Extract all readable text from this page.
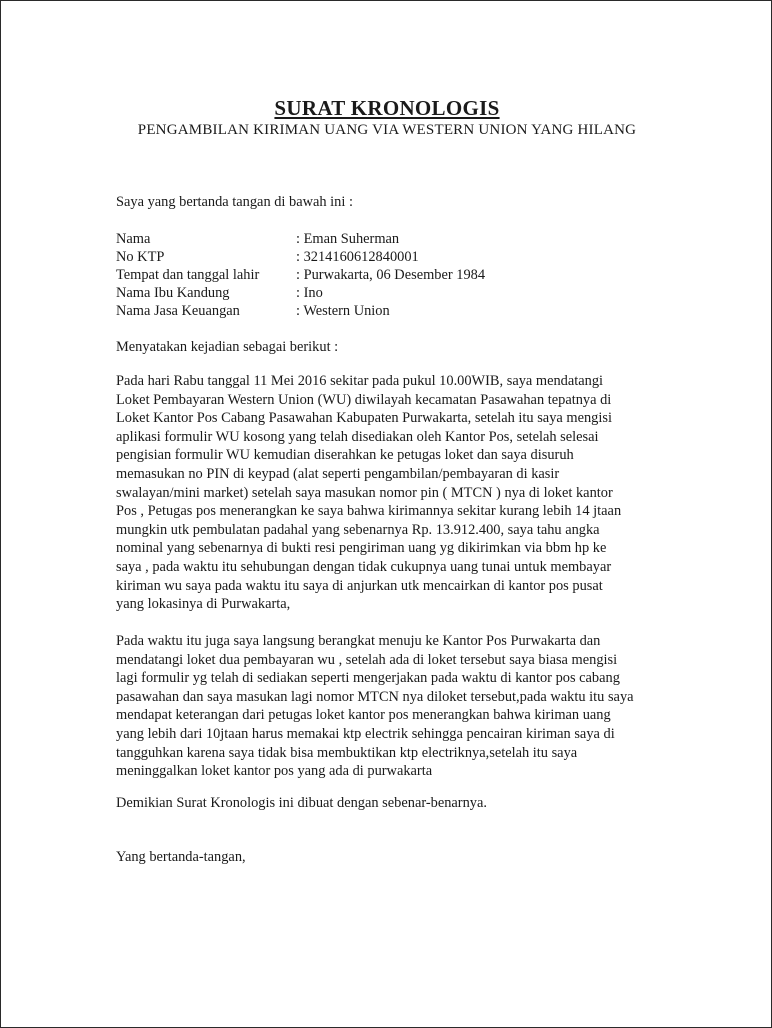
SURAT KRONOLOGIS
PENGAMBILAN KIRIMAN UANG VIA WESTERN UNION YANG HILANG
Saya yang bertanda tangan di bawah ini :
Nama	: Eman Suherman
No KTP	: 3214160612840001
Tempat dan tanggal lahir	: Purwakarta, 06 Desember 1984
Nama Ibu Kandung	: Ino
Nama Jasa Keuangan	: Western Union
Menyatakan kejadian sebagai berikut :
Pada hari Rabu tanggal 11 Mei 2016 sekitar pada pukul 10.00WIB, saya mendatangi
Loket Pembayaran Western Union (WU) diwilayah kecamatan Pasawahan tepatnya di
Loket Kantor Pos Cabang Pasawahan Kabupaten Purwakarta, setelah itu saya mengisi
aplikasi formulir WU kosong yang telah disediakan oleh Kantor Pos, setelah selesai
pengisian formulir WU kemudian diserahkan ke petugas loket dan saya disuruh
memasukan no PIN di keypad (alat seperti pengambilan/pembayaran di kasir
swalayan/mini market) setelah saya masukan nomor pin ( MTCN ) nya di loket kantor
Pos , Petugas pos menerangkan ke saya bahwa kirimannya sekitar kurang lebih 14 jtaan
mungkin utk pembulatan padahal yang sebenarnya Rp. 13.912.400, saya tahu angka
nominal yang sebenarnya di bukti resi pengiriman uang yg dikirimkan via bbm hp ke
saya , pada waktu itu sehubungan dengan tidak cukupnya uang tunai untuk membayar
kiriman wu saya pada waktu itu saya di anjurkan utk mencairkan di kantor pos pusat
yang lokasinya di Purwakarta,
Pada waktu itu juga saya langsung berangkat menuju ke Kantor Pos Purwakarta dan
mendatangi loket dua pembayaran wu , setelah ada di loket tersebut saya biasa mengisi
lagi formulir yg telah di sediakan seperti mengerjakan pada waktu di kantor pos cabang
pasawahan dan saya masukan lagi nomor MTCN nya diloket tersebut,pada waktu itu saya
mendapat keterangan dari petugas loket kantor pos menerangkan bahwa kiriman uang
yang lebih dari 10jtaan harus memakai ktp electrik sehingga pencairan kiriman saya di
tangguhkan karena saya tidak bisa membuktikan ktp electriknya,setelah itu saya
meninggalkan loket kantor pos yang ada di purwakarta
Demikian Surat Kronologis ini dibuat dengan sebenar-benarnya.
Yang bertanda-tangan,
